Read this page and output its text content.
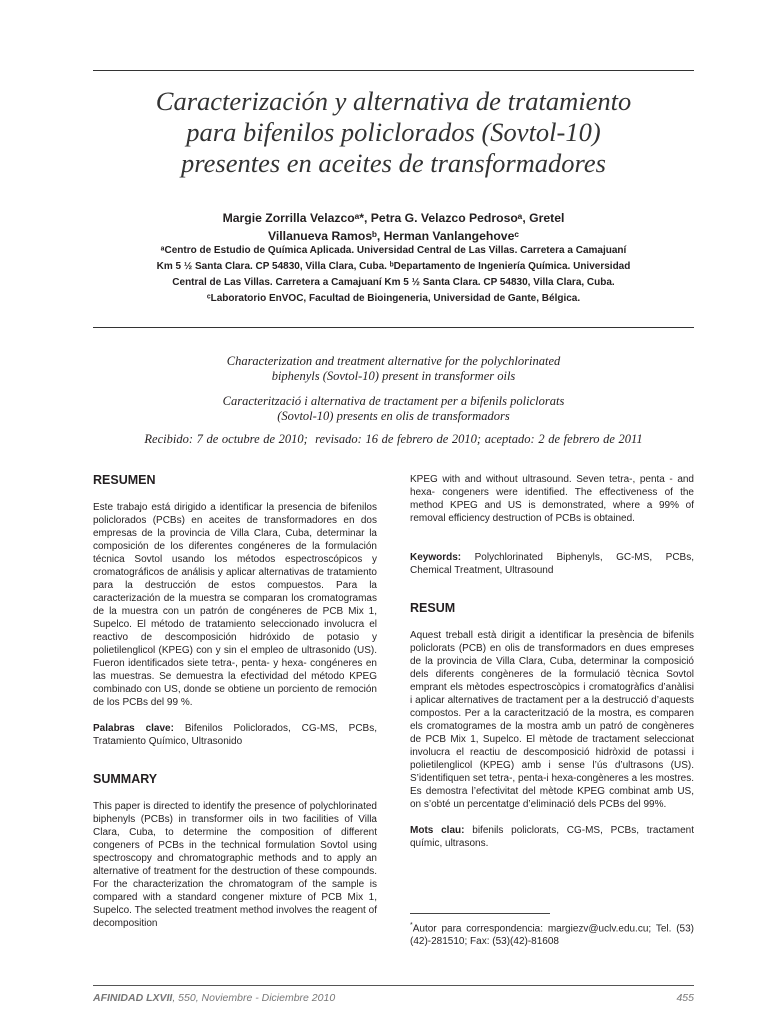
Caracterización y alternativa de tratamiento
para bifenilos policlorados (Sovtol-10)
presentes en aceites de transformadores
Margie Zorrilla Velazcoᵃ*, Petra G. Velazco Pedrosoᵃ, Gretel
Villanueva Ramosᵇ, Herman Vanlangehoveᶜ
ᵃCentro de Estudio de Química Aplicada. Universidad Central de Las Villas. Carretera a Camajuaní
Km 5 ½ Santa Clara. CP 54830, Villa Clara, Cuba. ᵇDepartamento de Ingeniería Química. Universidad
Central de Las Villas. Carretera a Camajuaní Km 5 ½ Santa Clara. CP 54830, Villa Clara, Cuba.
ᶜLaboratorio EnVOC, Facultad de Bioingeneria, Universidad de Gante, Bélgica.
Characterization and treatment alternative for the polychlorinated
biphenyls (Sovtol-10) present in transformer oils
Caracterització i alternativa de tractament per a bifenils policlorats
(Sovtol-10) presents en olis de transformadors
Recibido: 7 de octubre de 2010;  revisado: 16 de febrero de 2010; aceptado: 2 de febrero de 2011
RESUMEN

Este trabajo está dirigido a identificar la presencia de bifenilos policlorados (PCBs) en aceites de transformadores en dos empresas de la provincia de Villa Clara, Cuba, determinar la composición de los diferentes congéneres de la formulación técnica Sovtol usando los métodos espectroscópicos y cromatográficos de análisis y aplicar alternativas de tratamiento para la destrucción de estos compuestos. Para la caracterización de la muestra se comparan los cromatogramas de la muestra con un patrón de congéneres de PCB Mix 1, Supelco. El método de tratamiento seleccionado involucra el reactivo de descomposición hidróxido de potasio y polietilenglicol (KPEG) con y sin el empleo de ultrasonido (US). Fueron identificados siete tetra-, penta- y hexa- congéneres en las muestras. Se demuestra la efectividad del método KPEG combinado con US, donde se obtiene un porciento de remoción de los PCBs del 99 %.

Palabras clave: Bifenilos Policlorados, CG-MS, PCBs, Tratamiento Químico, Ultrasonido

SUMMARY

This paper is directed to identify the presence of polychlorinated biphenyls (PCBs) in transformer oils in two facilities of Villa Clara, Cuba, to determine the composition of different congeners of PCBs in the technical formulation Sovtol using spectroscopy and chromatographic methods and to apply an alternative of treatment for the destruction of these compounds. For the characterization the chromatogram of the sample is compared with a standard congener mixture of PCB Mix 1, Supelco. The selected treatment method involves the reagent of decomposition

KPEG with and without ultrasound. Seven tetra-, penta - and hexa- congeners were identified. The effectiveness of the method KPEG and US is demonstrated, where a 99% of removal efficiency destruction of PCBs is obtained.

Keywords: Polychlorinated Biphenyls, GC-MS, PCBs, Chemical Treatment, Ultrasound

RESUM

Aquest treball està dirigit a identificar la presència de bifenils policlorats (PCB) en olis de transformadors en dues empreses de la provincia de Villa Clara, Cuba, determinar la composició dels diferents congèneres de la formulació tècnica Sovtol emprant els mètodes espectroscòpics i cromatogràfics d’anàlisi i aplicar alternatives de tractament per a la destrucció d’aquests compostos. Per a la caracterització de la mostra, es comparen els cromatogrames de la mostra amb un patró de congèneres de PCB Mix 1, Supelco. El mètode de tractament seleccionat involucra el reactiu de descomposició hidròxid de potassi i polietilenglicol (KPEG) amb i sense l’ús d’ultrasons (US). S’identifiquen set tetra-, penta-i hexa-congèneres a les mostres. Es demostra l’efectivitat del mètode KPEG combinat amb US, on s’obté un percentatge d’eliminació dels PCBs del 99%.

Mots clau: bifenils policlorats, CG-MS, PCBs, tractament químic, ultrasons.

*Autor para correspondencia: margiezv@uclv.edu.cu; Tel. (53)(42)-281510; Fax: (53)(42)-81608
AFINIDAD LXVII, 550, Noviembre - Diciembre 2010	455
